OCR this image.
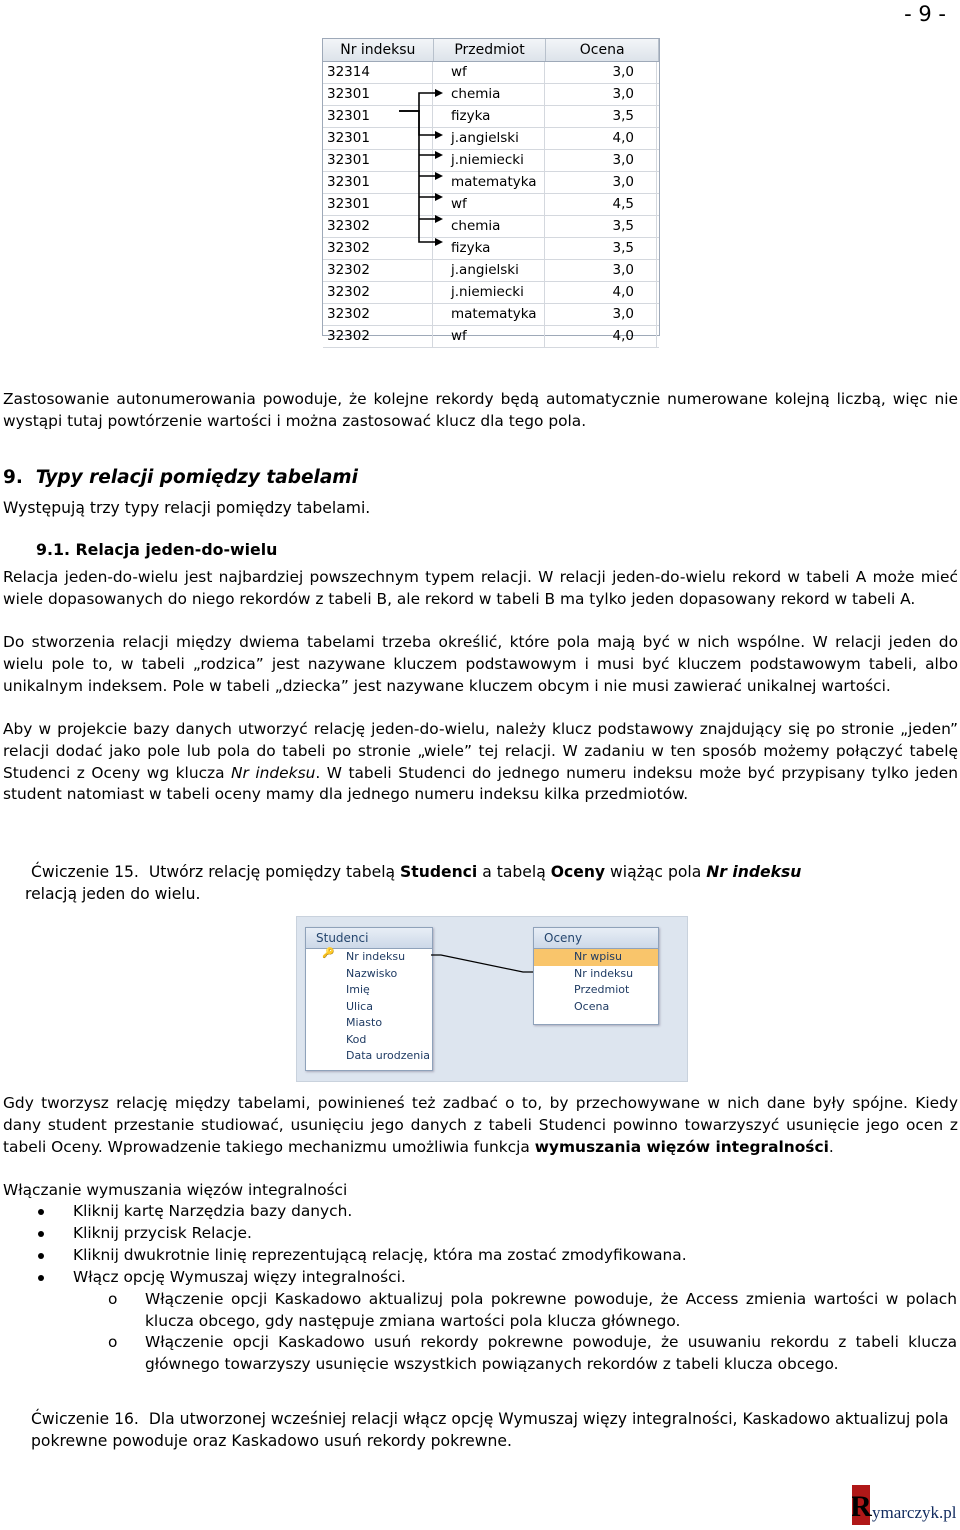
- 9 -
Nr indeksu	Przedmiot	Ocena
32314	wf	3,0
32301	chemia	3,0
32301	fizyka	3,5
32301	j.angielski	4,0
32301	j.niemiecki	3,0
32301	matematyka	3,0
32301	wf	4,5
32302	chemia	3,5
32302	fizyka	3,5
32302	j.angielski	3,0
32302	j.niemiecki	4,0
32302	matematyka	3,0
32302	wf	4,0
Zastosowanie autonumerowania powoduje, że kolejne rekordy będą automatycznie numerowane kolejną liczbą, więc nie wystąpi tutaj powtórzenie wartości i można zastosować klucz dla tego pola.
9. Typy relacji pomiędzy tabelami
Występują trzy typy relacji pomiędzy tabelami.
9.1. Relacja jeden-do-wielu
Relacja jeden-do-wielu jest najbardziej powszechnym typem relacji. W relacji jeden-do-wielu rekord w tabeli A może mieć wiele dopasowanych do niego rekordów z tabeli B, ale rekord w tabeli B ma tylko jeden dopasowany rekord w tabeli A.
Do stworzenia relacji między dwiema tabelami trzeba określić, które pola mają być w nich wspólne. W relacji jeden do wielu pole to, w tabeli „rodzica” jest nazywane kluczem podstawowym i musi być kluczem podstawowym tabeli, albo unikalnym indeksem. Pole w tabeli „dziecka” jest nazywane kluczem obcym i nie musi zawierać unikalnej wartości.
Aby w projekcie bazy danych utworzyć relację jeden-do-wielu, należy klucz podstawowy znajdujący się po stronie „jeden” relacji dodać jako pole lub pola do tabeli po stronie „wiele” tej relacji. W zadaniu w ten sposób możemy połączyć tabelę Studenci z Oceny wg klucza Nr indeksu. W tabeli Studenci do jednego numeru indeksu może być przypisany tylko jeden student natomiast w tabeli oceny mamy dla jednego numeru indeksu kilka przedmiotów.
Ćwiczenie 15. Utwórz relację pomiędzy tabelą Studenci a tabelą Oceny wiążąc pola Nr indeksu
relacją jeden do wielu.
Studenci
Nr indeksu
Nazwisko
Imię
Ulica
Miasto
Kod
Data urodzenia
Oceny
Nr wpisu
Nr indeksu
Przedmiot
Ocena
🔑
Gdy tworzysz relację między tabelami, powinieneś też zadbać o to, by przechowywane w nich dane były spójne. Kiedy dany student przestanie studiować, usunięciu jego danych z tabeli Studenci powinno towarzyszyć usunięcie jego ocen z tabeli Oceny. Wprowadzenie takiego mechanizmu umożliwia funkcja wymuszania więzów integralności.
Włączanie wymuszania więzów integralności
Kliknij kartę Narzędzia bazy danych.
Kliknij przycisk Relacje.
Kliknij dwukrotnie linię reprezentującą relację, która ma zostać zmodyfikowana.
Włącz opcję Wymuszaj więzy integralności.
o Włączenie opcji Kaskadowo aktualizuj pola pokrewne powoduje, że Access zmienia wartości w polach klucza obcego, gdy następuje zmiana wartości pola klucza głównego.
o Włączenie opcji Kaskadowo usuń rekordy pokrewne powoduje, że usuwaniu rekordu z tabeli klucza głównego towarzyszy usunięcie wszystkich powiązanych rekordów z tabeli klucza obcego.
Ćwiczenie 16. Dla utworzonej wcześniej relacji włącz opcję Wymuszaj więzy integralności, Kaskadowo aktualizuj pola pokrewne powoduje oraz Kaskadowo usuń rekordy pokrewne.
R ymarczyk.pl
